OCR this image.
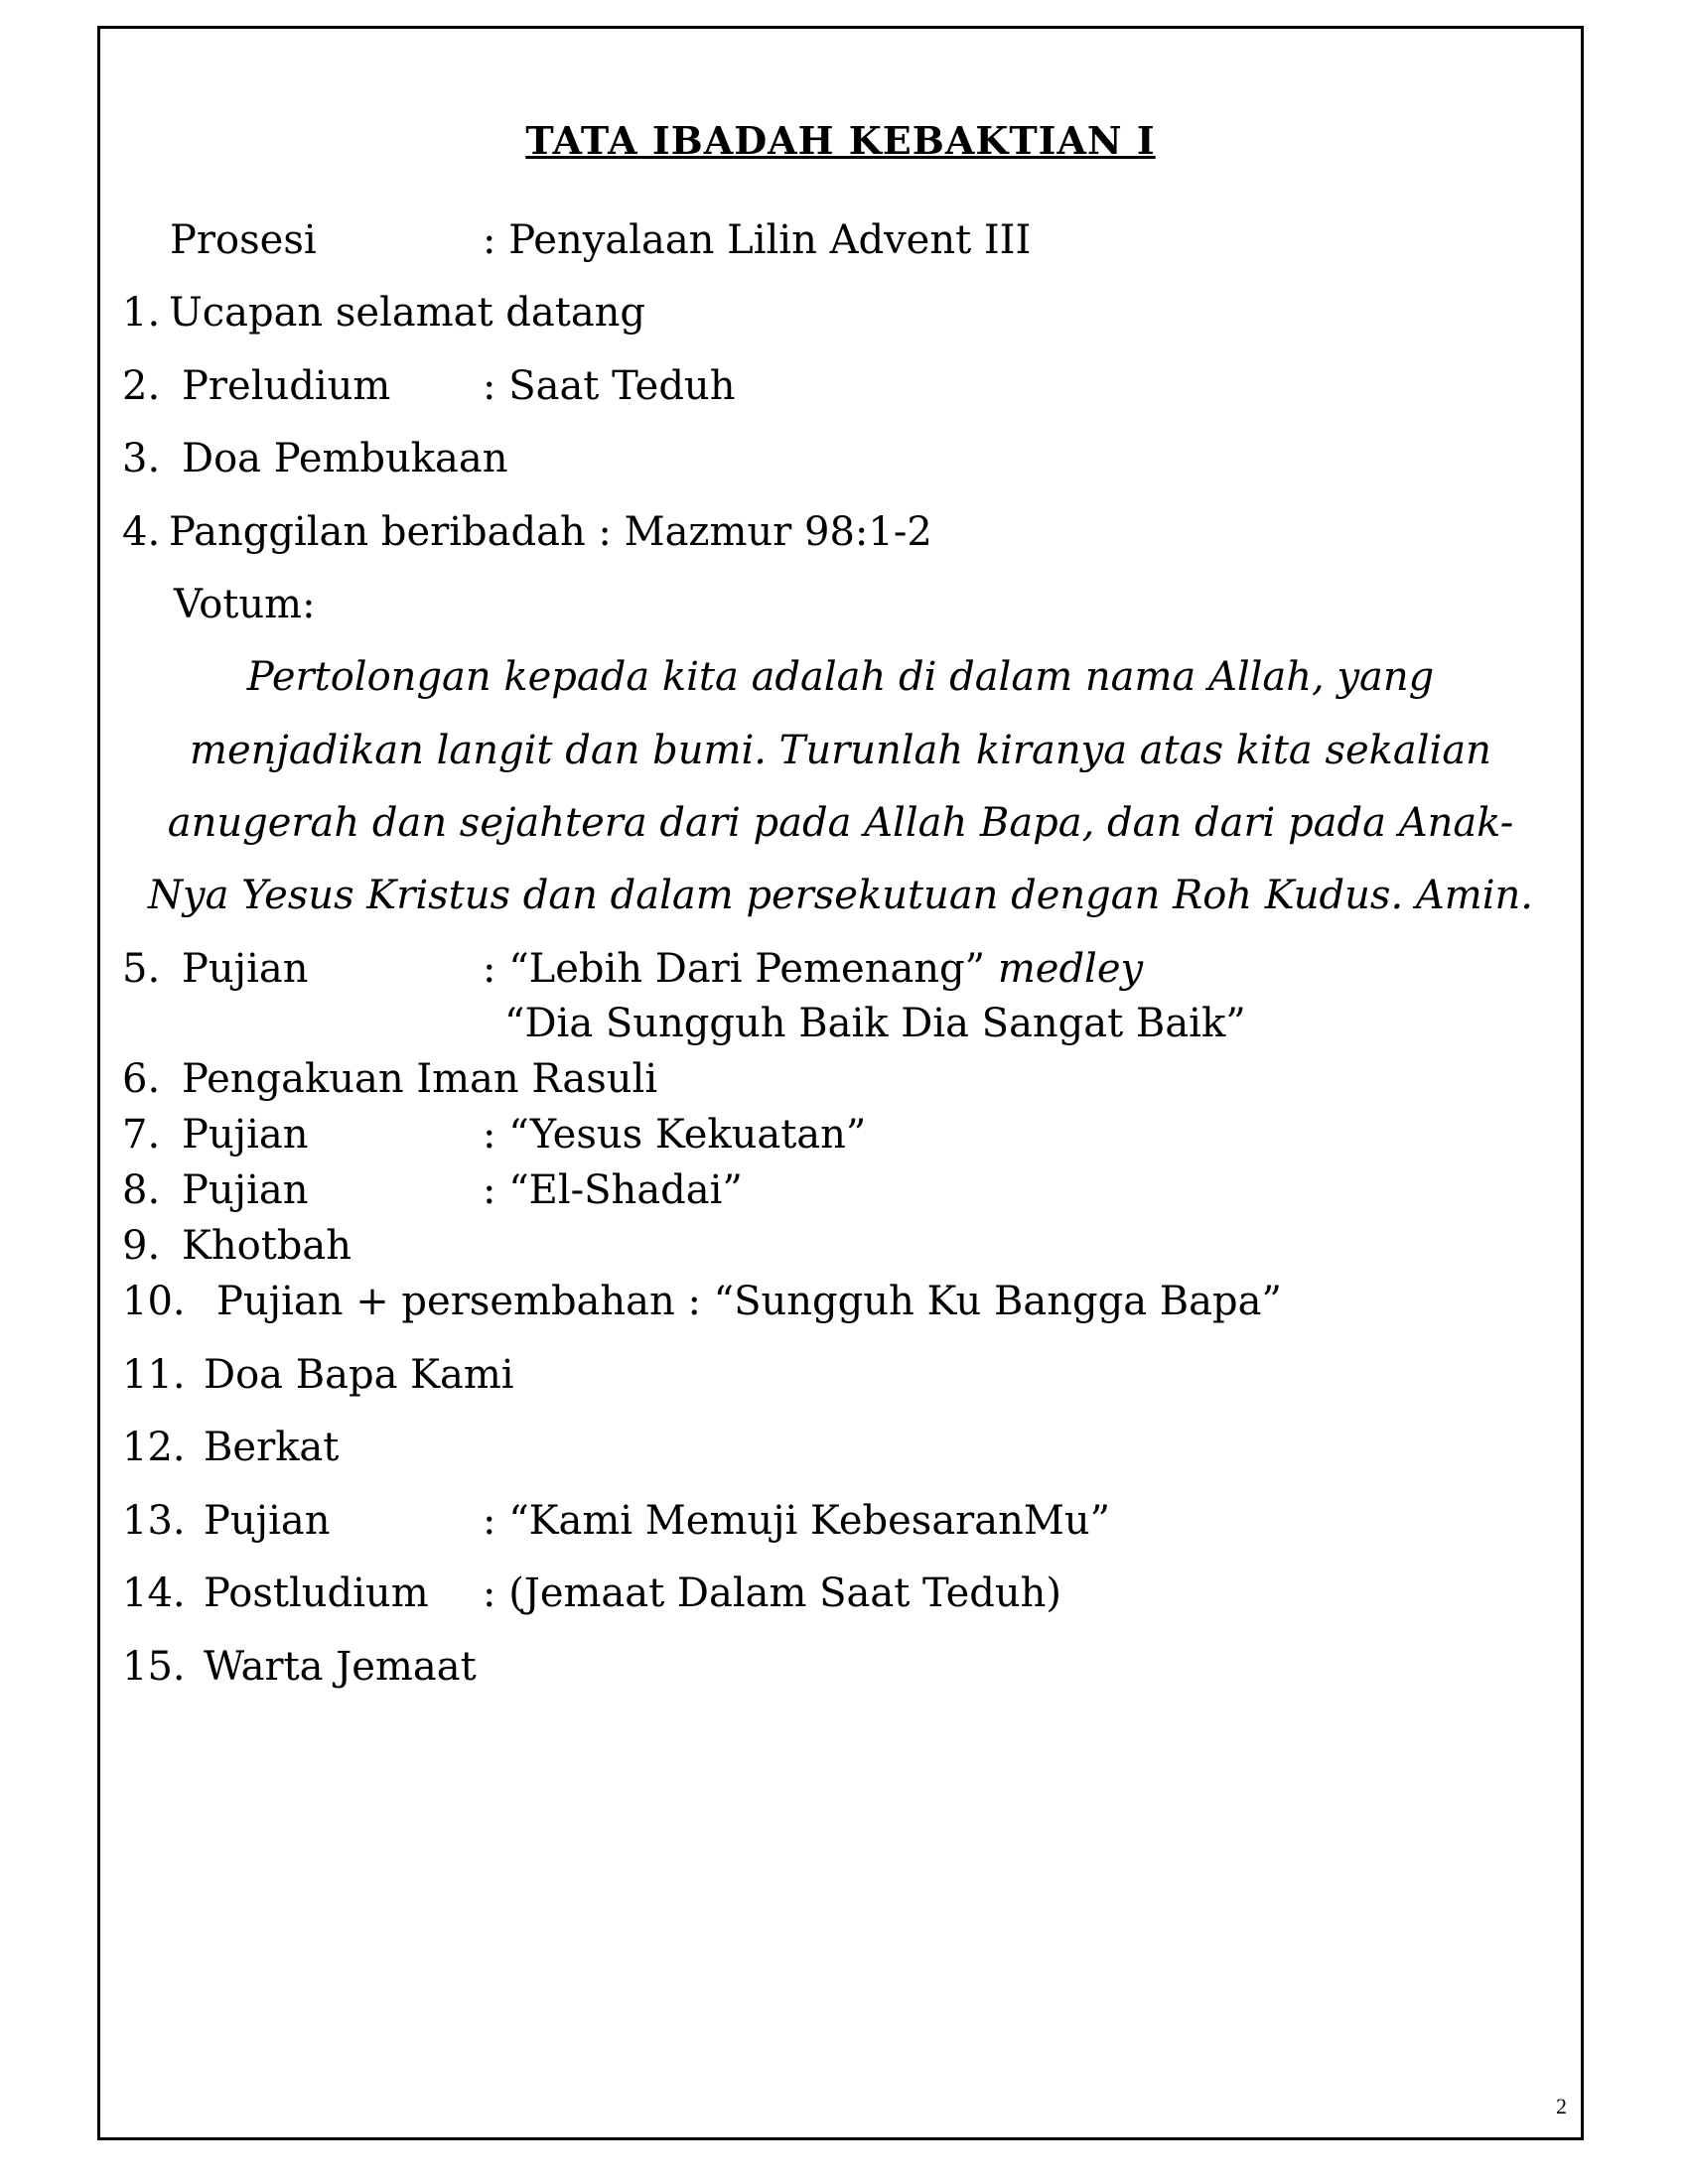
TATA IBADAH KEBAKTIAN I
Prosesi	: Penyalaan Lilin Advent III
1. Ucapan selamat datang
2. Preludium : Saat Teduh
3. Doa Pembukaan
4. Panggilan beribadah : Mazmur 98:1-2
Votum:
Pertolongan kepada kita adalah di dalam nama Allah, yang
menjadikan langit dan bumi. Turunlah kiranya atas kita sekalian
anugerah dan sejahtera dari pada Allah Bapa, dan dari pada Anak-
Nya Yesus Kristus dan dalam persekutuan dengan Roh Kudus. Amin.
5. Pujian	: “Lebih Dari Pemenang” medley
“Dia Sungguh Baik Dia Sangat Baik”
6. Pengakuan Iman Rasuli
7. Pujian	: “Yesus Kekuatan”
8. Pujian	: “El-Shadai”
9. Khotbah
10. Pujian + persembahan : “Sungguh Ku Bangga Bapa”
11. Doa Bapa Kami
12. Berkat
13. Pujian	: “Kami Memuji KebesaranMu”
14. Postludium : (Jemaat Dalam Saat Teduh)
15. Warta Jemaat
2
